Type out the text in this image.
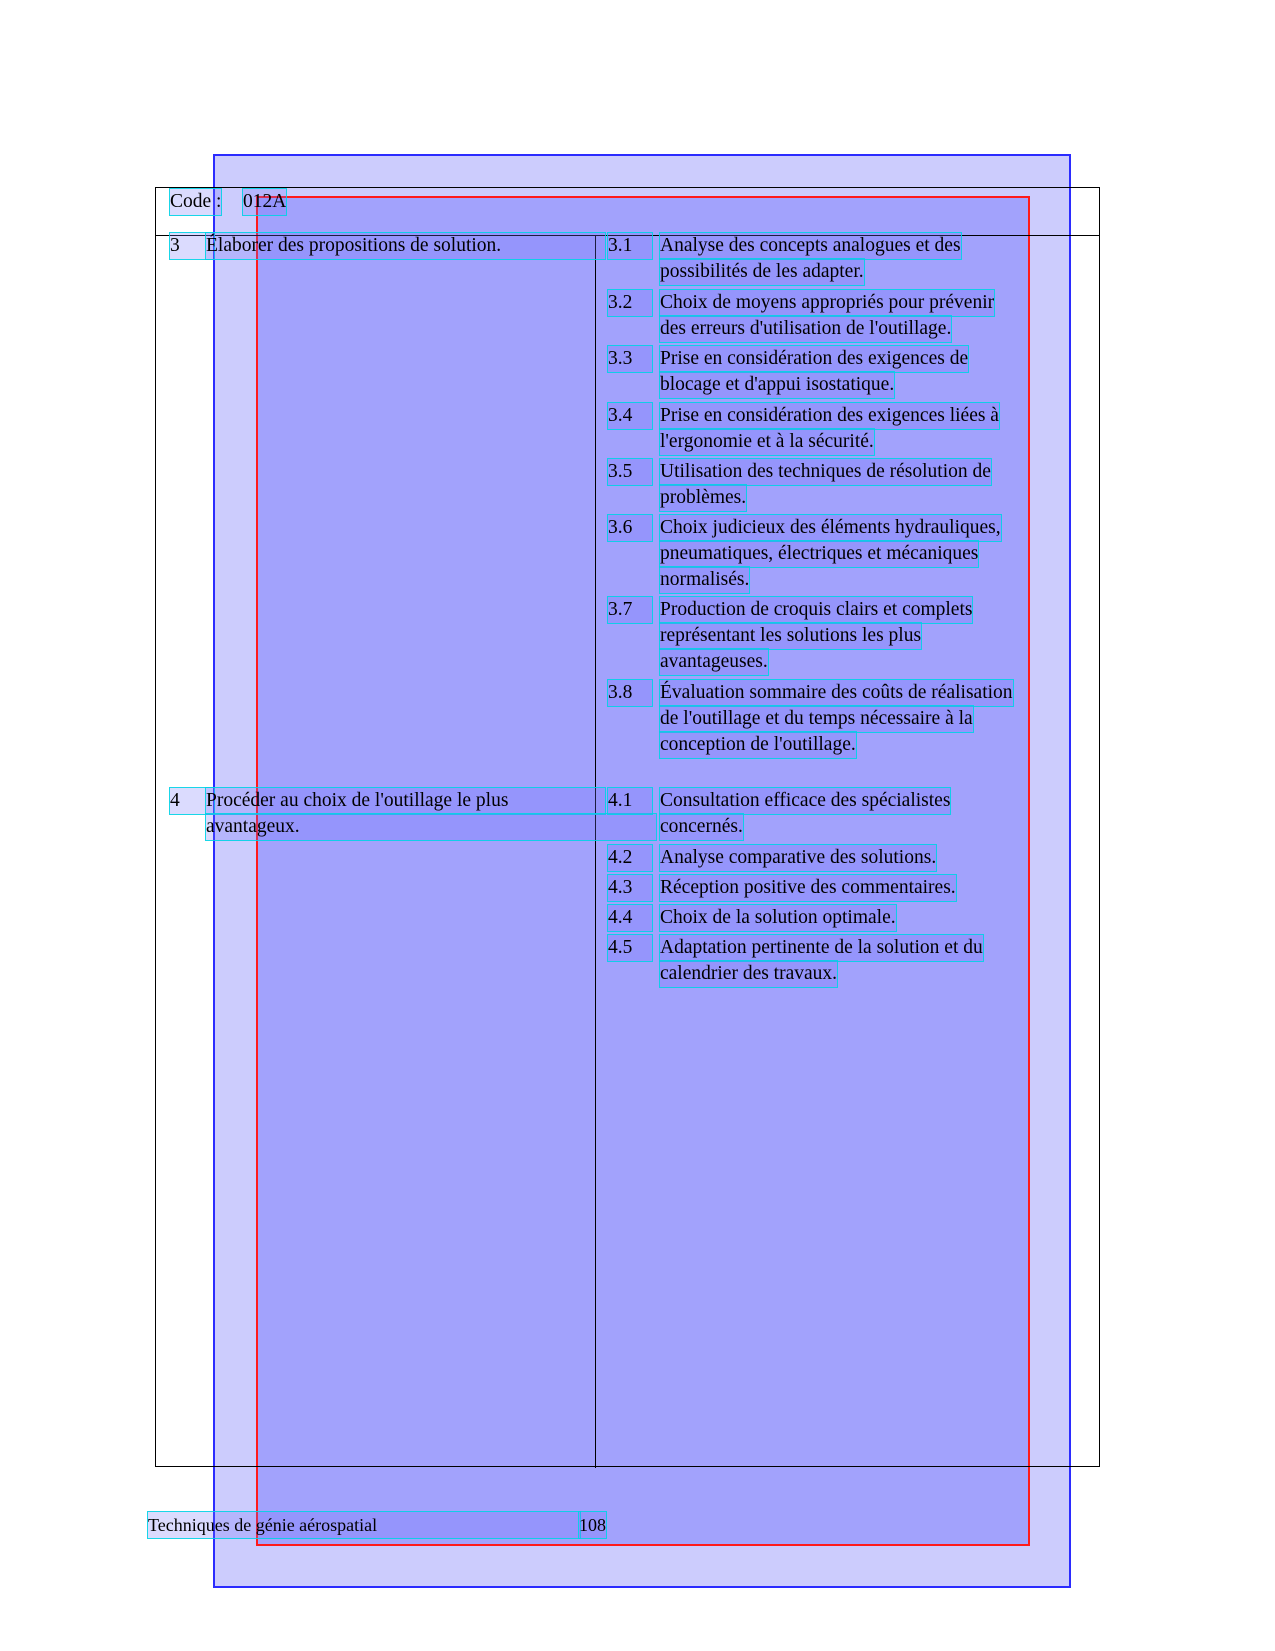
Code : 012A
3	Élaborer des propositions de solution.	3.1	Analyse des concepts analogues et des
possibilités de les adapter.
3.2	Choix de moyens appropriés pour prévenir
des erreurs d'utilisation de l'outillage.
3.3	Prise en considération des exigences de
blocage et d'appui isostatique.
3.4	Prise en considération des exigences liées à
l'ergonomie et à la sécurité.
3.5	Utilisation des techniques de résolution de
problèmes.
3.6	Choix judicieux des éléments hydrauliques,
pneumatiques, électriques et mécaniques
normalisés.
3.7	Production de croquis clairs et complets
représentant les solutions les plus
avantageuses.
3.8	Évaluation sommaire des coûts de réalisation
de l'outillage et du temps nécessaire à la
conception de l'outillage.
4	Procéder au choix de l'outillage le plus
avantageux.
4.1	Consultation efficace des spécialistes
concernés.
4.2	Analyse comparative des solutions.
4.3	Réception positive des commentaires.
4.4	Choix de la solution optimale.
4.5	Adaptation pertinente de la solution et du
calendrier des travaux.
Techniques de génie aérospatial	108
